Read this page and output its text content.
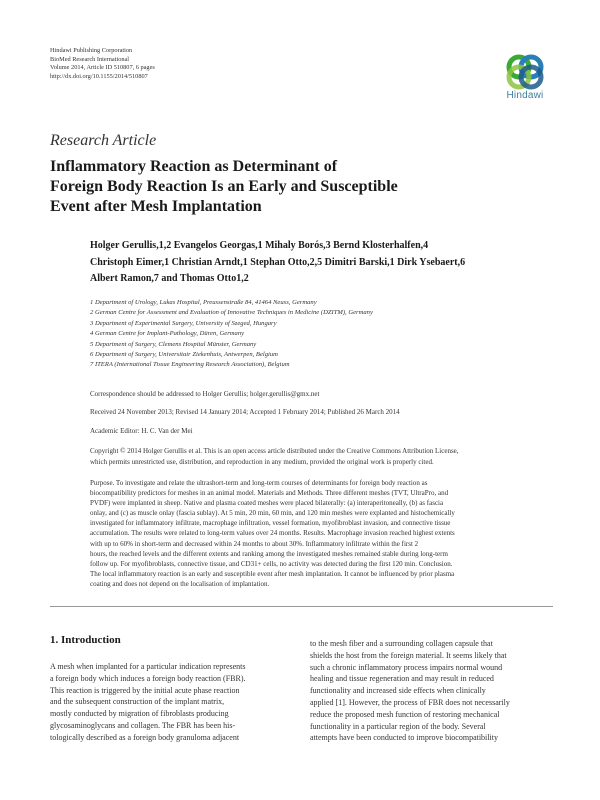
Hindawi Publishing Corporation
BioMed Research International
Volume 2014, Article ID 510807, 6 pages
http://dx.doi.org/10.1155/2014/510807
Hindawi
Research Article
Inflammatory Reaction as Determinant of
Foreign Body Reaction Is an Early and Susceptible
Event after Mesh Implantation
Holger Gerullis,1,2 Evangelos Georgas,1 Mihaly Borós,3 Bernd Klosterhalfen,4
Christoph Eimer,1 Christian Arndt,1 Stephan Otto,2,5 Dimitri Barski,1 Dirk Ysebaert,6
Albert Ramon,7 and Thomas Otto1,2
1 Department of Urology, Lukas Hospital, Preussenstraße 84, 41464 Neuss, Germany
2 German Centre for Assessment and Evaluation of Innovative Techniques in Medicine (DZITM), Germany
3 Department of Experimental Surgery, University of Szeged, Hungary
4 German Centre for Implant-Pathology, Düren, Germany
5 Department of Surgery, Clemens Hospital Münster, Germany
6 Department of Surgery, Universitair Ziekenhuis, Antwerpen, Belgium
7 ITERA (International Tissue Engineering Research Association), Belgium
Correspondence should be addressed to Holger Gerullis; holger.gerullis@gmx.net
Received 24 November 2013; Revised 14 January 2014; Accepted 1 February 2014; Published 26 March 2014
Academic Editor: H. C. Van der Mei
Copyright © 2014 Holger Gerullis et al. This is an open access article distributed under the Creative Commons Attribution License,
which permits unrestricted use, distribution, and reproduction in any medium, provided the original work is properly cited.
Purpose. To investigate and relate the ultrashort-term and long-term courses of determinants for foreign body reaction as
biocompatibility predictors for meshes in an animal model. Materials and Methods. Three different meshes (TVT, UltraPro, and
PVDF) were implanted in sheep. Native and plasma coated meshes were placed bilaterally: (a) interaperitoneally, (b) as fascia
onlay, and (c) as muscle onlay (fascia sublay). At 5 min, 20 min, 60 min, and 120 min meshes were explanted and histochemically
investigated for inflammatory infiltrate, macrophage infiltration, vessel formation, myofibroblast invasion, and connective tissue
accumulation. The results were related to long-term values over 24 months. Results. Macrophage invasion reached highest extents
with up to 60% in short-term and decreased within 24 months to about 30%. Inflammatory infiltrate within the first 2
hours, the reached levels and the different extents and ranking among the investigated meshes remained stable during long-term
follow up. For myofibroblasts, connective tissue, and CD31+ cells, no activity was detected during the first 120 min. Conclusion.
The local inflammatory reaction is an early and susceptible event after mesh implantation. It cannot be influenced by prior plasma
coating and does not depend on the localisation of implantation.
1. Introduction
A mesh when implanted for a particular indication represents
a foreign body which induces a foreign body reaction (FBR).
This reaction is triggered by the initial acute phase reaction
and the subsequent construction of the implant matrix,
mostly conducted by migration of fibroblasts producing
glycosaminoglycans and collagen. The FBR has been his-
tologically described as a foreign body granuloma adjacent
to the mesh fiber and a surrounding collagen capsule that
shields the host from the foreign material. It seems likely that
such a chronic inflammatory process impairs normal wound
healing and tissue regeneration and may result in reduced
functionality and increased side effects when clinically
applied [1]. However, the process of FBR does not necessarily
reduce the proposed mesh function of restoring mechanical
functionality in a particular region of the body. Several
attempts have been conducted to improve biocompatibility
